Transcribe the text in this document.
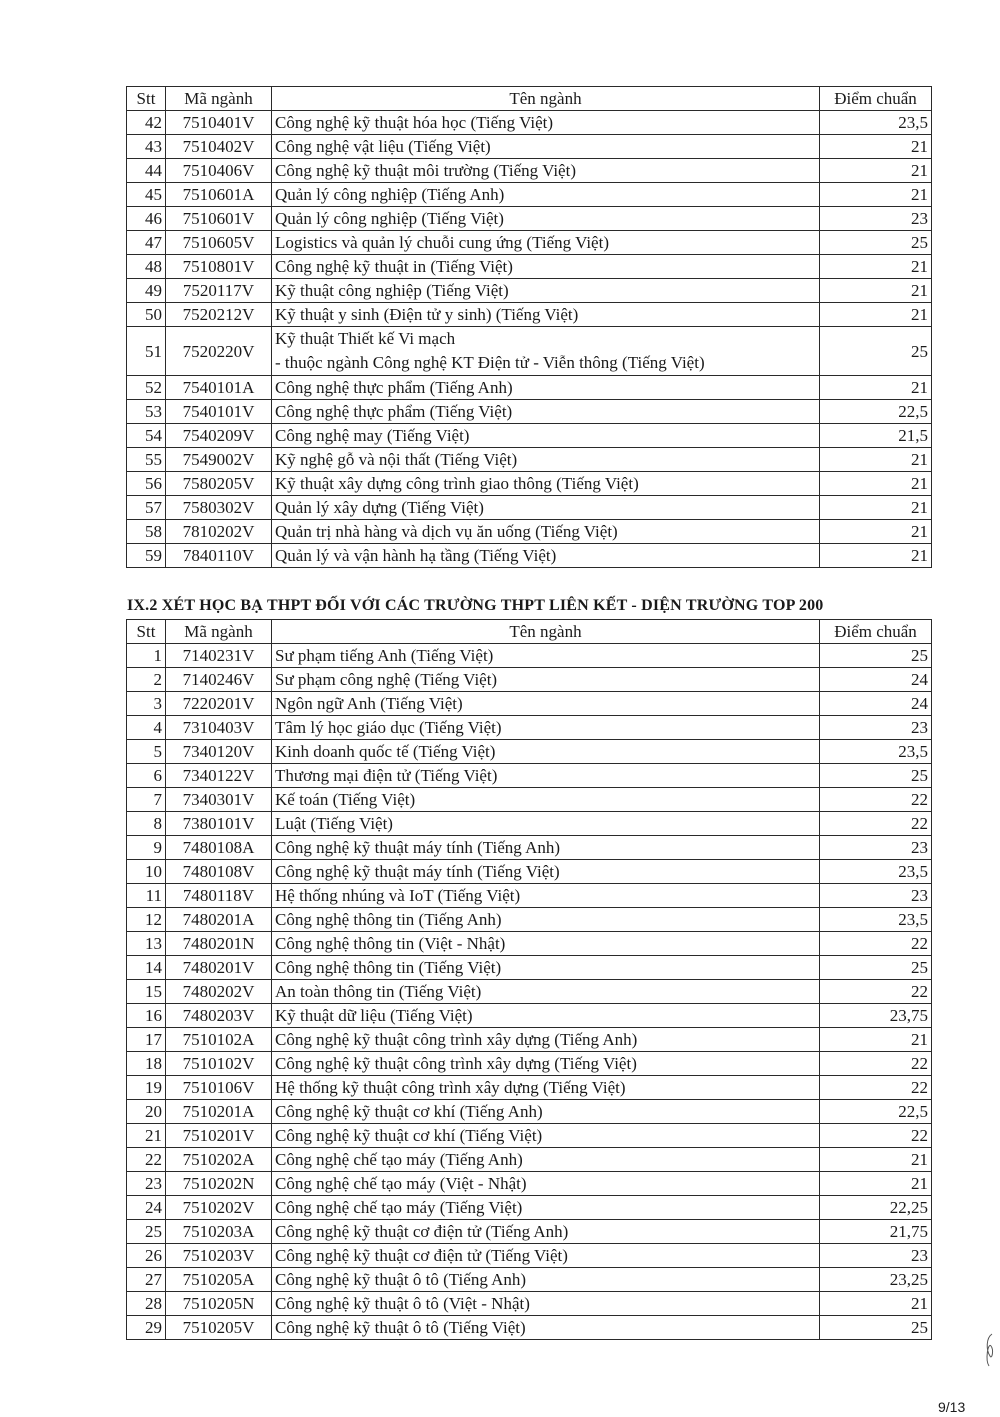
Stt	Mã ngành	Tên ngành	Điểm chuẩn
42	7510401V	Công nghệ kỹ thuật hóa học (Tiếng Việt)	23,5
43	7510402V	Công nghệ vật liệu (Tiếng Việt)	21
44	7510406V	Công nghệ kỹ thuật môi trường (Tiếng Việt)	21
45	7510601A	Quản lý công nghiệp (Tiếng Anh)	21
46	7510601V	Quản lý công nghiệp (Tiếng Việt)	23
47	7510605V	Logistics và quản lý chuỗi cung ứng (Tiếng Việt)	25
48	7510801V	Công nghệ kỹ thuật in (Tiếng Việt)	21
49	7520117V	Kỹ thuật công nghiệp (Tiếng Việt)	21
50	7520212V	Kỹ thuật y sinh (Điện tử y sinh) (Tiếng Việt)	21
51	7520220V	Kỹ thuật Thiết kế Vi mạch
- thuộc ngành Công nghệ KT Điện tử - Viễn thông (Tiếng Việt)	25
52	7540101A	Công nghệ thực phẩm (Tiếng Anh)	21
53	7540101V	Công nghệ thực phẩm (Tiếng Việt)	22,5
54	7540209V	Công nghệ may (Tiếng Việt)	21,5
55	7549002V	Kỹ nghệ gỗ và nội thất (Tiếng Việt)	21
56	7580205V	Kỹ thuật xây dựng công trình giao thông (Tiếng Việt)	21
57	7580302V	Quản lý xây dựng (Tiếng Việt)	21
58	7810202V	Quản trị nhà hàng và dịch vụ ăn uống (Tiếng Việt)	21
59	7840110V	Quản lý và vận hành hạ tầng (Tiếng Việt)	21
IX.2 XÉT HỌC BẠ THPT ĐỐI VỚI CÁC TRƯỜNG THPT LIÊN KẾT - DIỆN TRƯỜNG TOP 200
Stt	Mã ngành	Tên ngành	Điểm chuẩn
1	7140231V	Sư phạm tiếng Anh (Tiếng Việt)	25
2	7140246V	Sư phạm công nghệ (Tiếng Việt)	24
3	7220201V	Ngôn ngữ Anh (Tiếng Việt)	24
4	7310403V	Tâm lý học giáo dục (Tiếng Việt)	23
5	7340120V	Kinh doanh quốc tế (Tiếng Việt)	23,5
6	7340122V	Thương mại điện tử (Tiếng Việt)	25
7	7340301V	Kế toán (Tiếng Việt)	22
8	7380101V	Luật (Tiếng Việt)	22
9	7480108A	Công nghệ kỹ thuật máy tính (Tiếng Anh)	23
10	7480108V	Công nghệ kỹ thuật máy tính (Tiếng Việt)	23,5
11	7480118V	Hệ thống nhúng và IoT (Tiếng Việt)	23
12	7480201A	Công nghệ thông tin (Tiếng Anh)	23,5
13	7480201N	Công nghệ thông tin (Việt - Nhật)	22
14	7480201V	Công nghệ thông tin (Tiếng Việt)	25
15	7480202V	An toàn thông tin (Tiếng Việt)	22
16	7480203V	Kỹ thuật dữ liệu (Tiếng Việt)	23,75
17	7510102A	Công nghệ kỹ thuật công trình xây dựng (Tiếng Anh)	21
18	7510102V	Công nghệ kỹ thuật công trình xây dựng (Tiếng Việt)	22
19	7510106V	Hệ thống kỹ thuật công trình xây dựng (Tiếng Việt)	22
20	7510201A	Công nghệ kỹ thuật cơ khí (Tiếng Anh)	22,5
21	7510201V	Công nghệ kỹ thuật cơ khí (Tiếng Việt)	22
22	7510202A	Công nghệ chế tạo máy (Tiếng Anh)	21
23	7510202N	Công nghệ chế tạo máy (Việt - Nhật)	21
24	7510202V	Công nghệ chế tạo máy (Tiếng Việt)	22,25
25	7510203A	Công nghệ kỹ thuật cơ điện tử (Tiếng Anh)	21,75
26	7510203V	Công nghệ kỹ thuật cơ điện tử (Tiếng Việt)	23
27	7510205A	Công nghệ kỹ thuật ô tô (Tiếng Anh)	23,25
28	7510205N	Công nghệ kỹ thuật ô tô (Việt - Nhật)	21
29	7510205V	Công nghệ kỹ thuật ô tô (Tiếng Việt)	25
9/13
